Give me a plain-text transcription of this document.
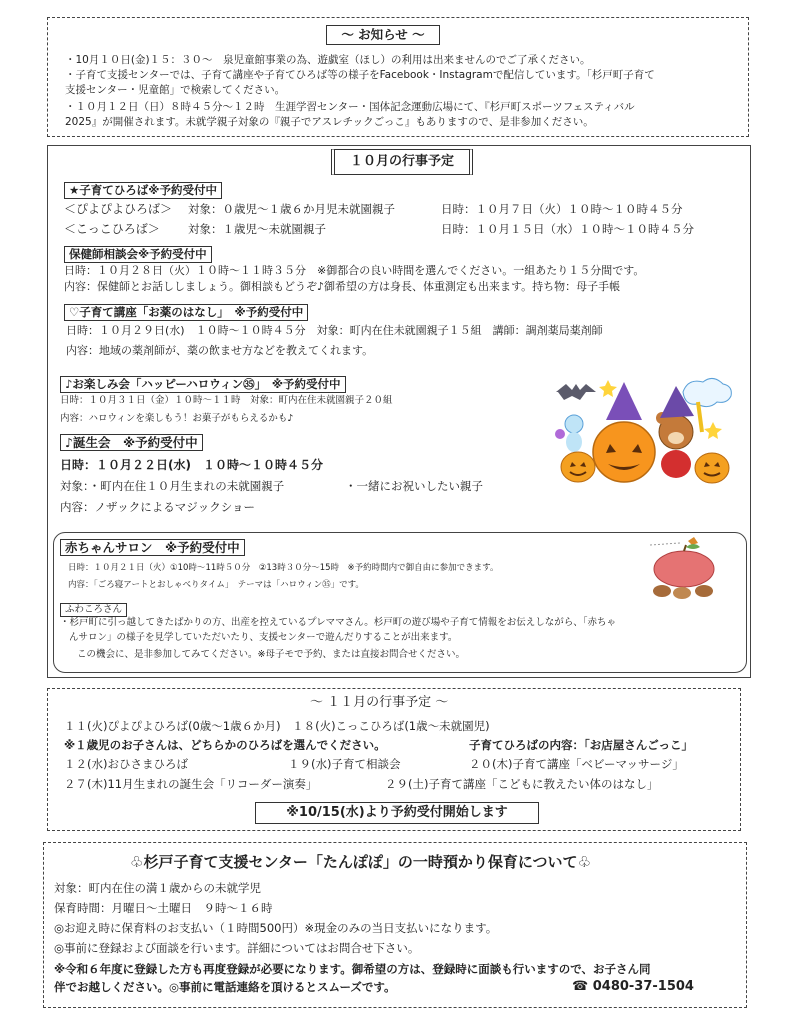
～ お知らせ ～
・10月１０日(金)１５：３０～　泉児童館事業の為、遊戯室（ほし）の利用は出来ませんのでご了承ください。
・子育て支援センターでは、子育て講座や子育てひろば等の様子をFacebook・Instagramで配信しています。「杉戸町子育て
支援センター・児童館」で検索してください。
・１０月１２日（日）８時４５分～１２時　生涯学習センター・国体記念運動広場にて、『杉戸町スポーツフェスティバル
2025』が開催されます。未就学親子対象の『親子でアスレチックごっこ』もありますので、是非参加ください。
１０月の行事予定
★子育てひろば※予約受付中
＜ぴよぴよひろば＞ 対象：０歳児～１歳６か月児未就園親子	日時：１０月７日（火）１０時～１０時４５分
＜こっこひろば＞ 対象：１歳児～未就園親子	日時：１０月１５日（水）１０時～１０時４５分
保健師相談会※予約受付中
日時：１０月２８日（火）１０時～１１時３５分　※御都合の良い時間を選んでください。一組あたり１５分間です。
内容：保健師とお話ししましょう。御相談もどうぞ♪御希望の方は身長、体重測定も出来ます。持ち物：母子手帳
♡子育て講座「お薬のはなし」　※予約受付中
日時：１０月２９日(水)　１０時～１０時４５分　対象：町内在住未就園親子１５組　講師：調剤薬局薬剤師
内容：地域の薬剤師が、薬の飲ませ方などを教えてくれます。
♪お楽しみ会「ハッピーハロウィン㉟」　※予約受付中
日時：１０月３１日（金）１０時～１１時　対象：町内在住未就園親子２０組
内容：ハロウィンを楽しもう！お菓子がもらえるかも♪
♪誕生会　※予約受付中
日時：１０月２２日(水)　１０時～１０時４５分
対象：・町内在住１０月生まれの未就園親子	・一緒にお祝いしたい親子
内容：ノザックによるマジックショー
赤ちゃんサロン　※予約受付中
日時：１０月２１日（火）①10時～11時５０分　②13時３０分～15時　※予約時間内で御自由に参加できます。
内容：「ごろ寝アートとおしゃべりタイム」　テーマは「ハロウィン㉟」です。
ふわころさん
・杉戸町に引っ越してきたばかりの方、出産を控えているプレママさん。杉戸町の遊び場や子育て情報をお伝えしながら、「赤ちゃ
んサロン」の様子を見学していただいたり、支援センターで遊んだりすることが出来ます。
この機会に、是非参加してみてください。※母子モで予約、または直接お問合せください。
～ １１月の行事予定 ～
１１(火)ぴよぴよひろば(0歳～1歳６か月)　１８(火)こっこひろば(1歳～未就園児)
※１歳児のお子さんは、どちらかのひろばを選んでください。	子育てひろばの内容：「お店屋さんごっこ」
１２(水)おひさまひろば	１９(水)子育て相談会	２０(木)子育て講座「ベビーマッサージ」
２７(木)11月生まれの誕生会「リコーダー演奏」	２９(土)子育て講座「こどもに教えたい体のはなし」
※10/15(水)より予約受付開始します
♧杉戸子育て支援センター「たんぽぽ」の一時預かり保育について♧
対象：町内在住の満１歳からの未就学児
保育時間：月曜日～土曜日　９時～１６時
◎お迎え時に保育料のお支払い（１時間500円）※現金のみの当日支払いになります。
◎事前に登録および面談を行います。詳細についてはお問合せ下さい。
※令和６年度に登録した方も再度登録が必要になります。御希望の方は、登録時に面談も行いますので、お子さん同
伴でお越しください。◎事前に電話連絡を頂けるとスムーズです。	☎ 0480-37-1504
